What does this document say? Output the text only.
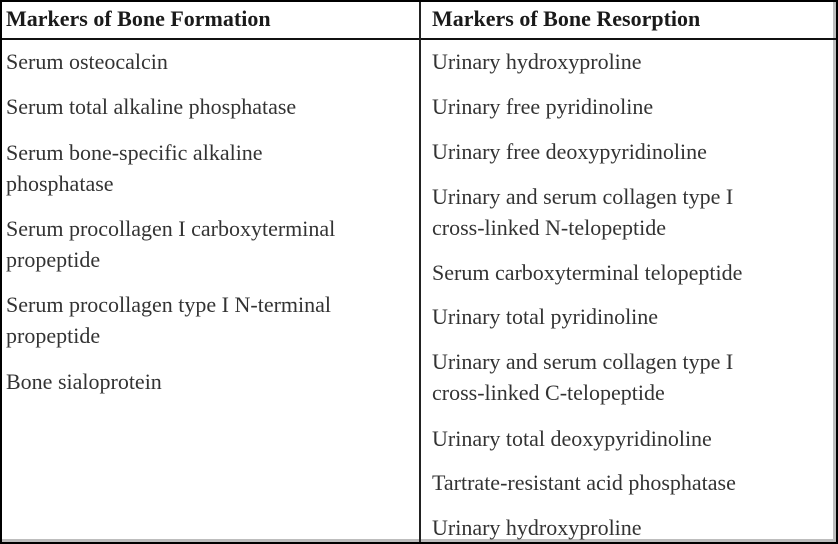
Markers of Bone Formation	Markers of Bone Resorption
Serum osteocalcin
Serum total alkaline phosphatase
Serum bone-specific alkaline
phosphatase
Serum procollagen I carboxyterminal
propeptide
Serum procollagen type I N-terminal
propeptide
Bone sialoprotein
Urinary hydroxyproline
Urinary free pyridinoline
Urinary free deoxypyridinoline
Urinary and serum collagen type I
cross-linked N-telopeptide
Serum carboxyterminal telopeptide
Urinary total pyridinoline
Urinary and serum collagen type I
cross-linked C-telopeptide
Urinary total deoxypyridinoline
Tartrate-resistant acid phosphatase
Urinary hydroxyproline
